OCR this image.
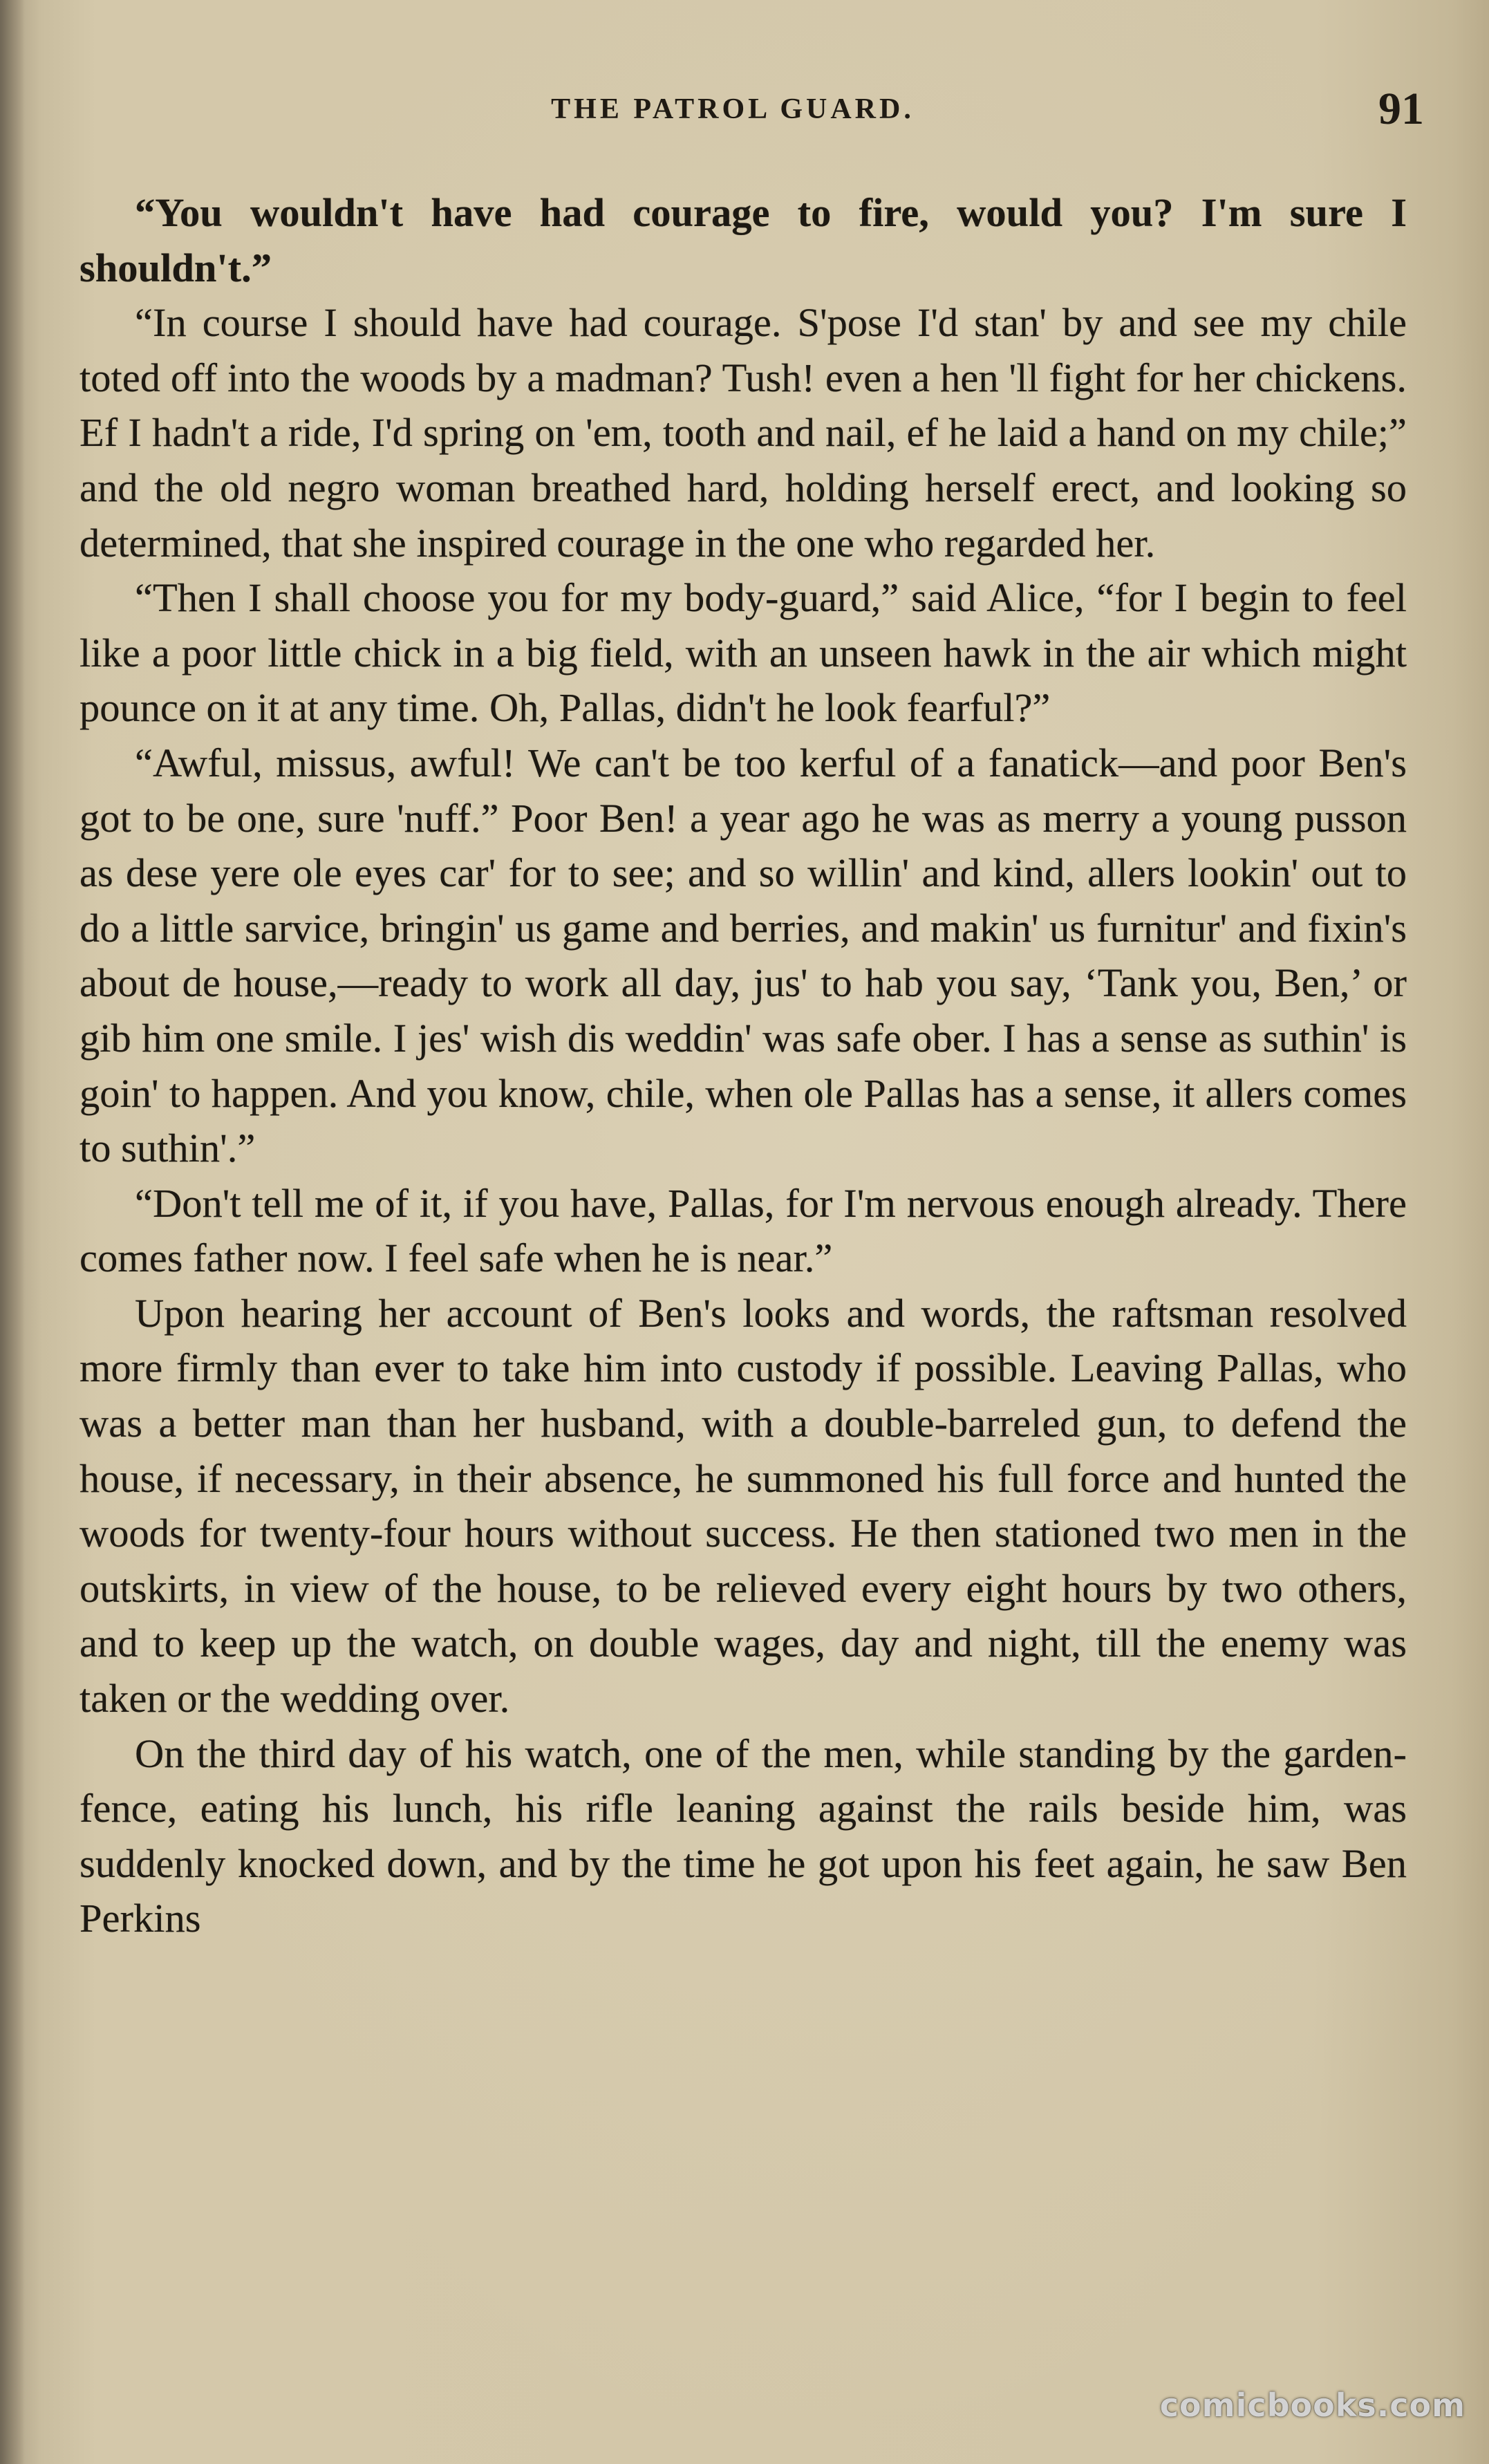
THE PATROL GUARD.	91

“You wouldn't have had courage to fire, would you? I'm sure I shouldn't.”

“In course I should have had courage. S'pose I'd stan' by and see my chile toted off into the woods by a madman? Tush! even a hen 'll fight for her chickens. Ef I hadn't a ride, I'd spring on 'em, tooth and nail, ef he laid a hand on my chile;” and the old negro woman breathed hard, holding herself erect, and looking so determined, that she inspired courage in the one who regarded her.

“Then I shall choose you for my body-guard,” said Alice, “for I begin to feel like a poor little chick in a big field, with an unseen hawk in the air which might pounce on it at any time. Oh, Pallas, didn't he look fearful?”

“Awful, missus, awful! We can't be too kerful of a fanatick—and poor Ben's got to be one, sure 'nuff.” Poor Ben! a year ago he was as merry a young pusson as dese yere ole eyes car' for to see; and so willin' and kind, allers lookin' out to do a little sarvice, bringin' us game and berries, and makin' us furnitur' and fixin's about de house,—ready to work all day, jus' to hab you say, ‘Tank you, Ben,’ or gib him one smile. I jes' wish dis weddin' was safe ober. I has a sense as suthin' is goin' to happen. And you know, chile, when ole Pallas has a sense, it allers comes to suthin'.”

“Don't tell me of it, if you have, Pallas, for I'm nervous enough already. There comes father now. I feel safe when he is near.”

Upon hearing her account of Ben's looks and words, the raftsman resolved more firmly than ever to take him into custody if possible. Leaving Pallas, who was a better man than her husband, with a double-barreled gun, to defend the house, if necessary, in their absence, he summoned his full force and hunted the woods for twenty-four hours without success. He then stationed two men in the outskirts, in view of the house, to be relieved every eight hours by two others, and to keep up the watch, on double wages, day and night, till the enemy was taken or the wedding over.

On the third day of his watch, one of the men, while standing by the garden-fence, eating his lunch, his rifle leaning against the rails beside him, was suddenly knocked down, and by the time he got upon his feet again, he saw Ben Perkins

comicbooks.com
